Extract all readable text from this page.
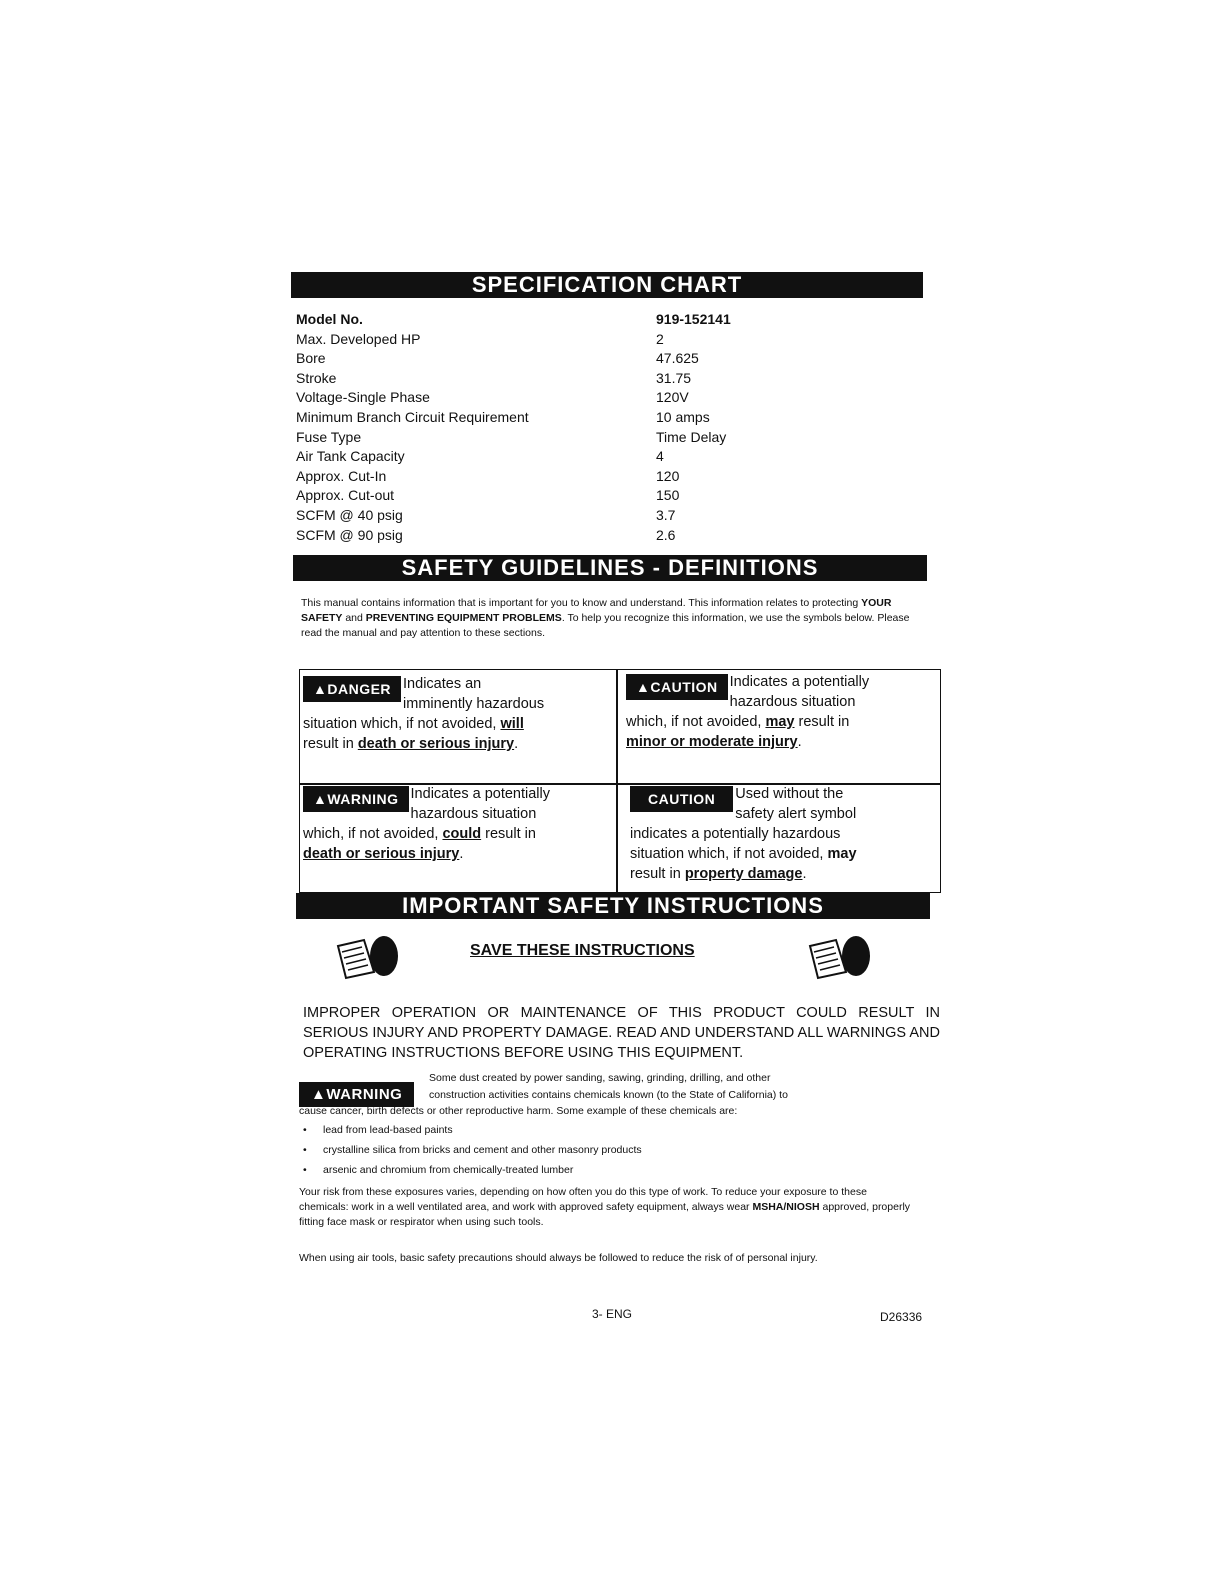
SPECIFICATION CHART
Model No.	919-152141
Max. Developed HP	2
Bore	47.625
Stroke	31.75
Voltage-Single Phase	120V
Minimum Branch Circuit Requirement	10 amps
Fuse Type	Time Delay
Air Tank Capacity	4
Approx. Cut-In	120
Approx. Cut-out	150
SCFM @ 40 psig	3.7
SCFM @ 90 psig	2.6
SAFETY GUIDELINES - DEFINITIONS
This manual contains information that is important for you to know and understand. This information relates to protecting YOUR SAFETY and PREVENTING EQUIPMENT PROBLEMS. To help you recognize this information, we use the symbols below. Please read the manual and pay attention to these sections.
▲DANGER Indicates an
imminently hazardous
situation which, if not avoided, will
result in death or serious injury.
▲CAUTION Indicates a potentially
hazardous situation
which, if not avoided, may result in
minor or moderate injury.
▲WARNING Indicates a potentially
hazardous situation
which, if not avoided, could result in
death or serious injury.
CAUTION	Used without the
safety alert symbol
indicates a potentially hazardous
situation which, if not avoided, may
result in property damage.
IMPORTANT SAFETY INSTRUCTIONS
SAVE THESE INSTRUCTIONS
IMPROPER OPERATION OR MAINTENANCE OF THIS PRODUCT COULD RESULT IN SERIOUS INJURY AND PROPERTY DAMAGE. READ AND UNDERSTAND ALL WARNINGS AND OPERATING INSTRUCTIONS BEFORE USING THIS EQUIPMENT.
▲WARNING
Some dust created by power sanding, sawing, grinding, drilling, and other
construction activities contains chemicals known (to the State of California) to
cause cancer, birth defects or other reproductive harm. Some example of these chemicals are:
• lead from lead-based paints
• crystalline silica from bricks and cement and other masonry products
• arsenic and chromium from chemically-treated lumber
Your risk from these exposures varies, depending on how often you do this type of work. To reduce your exposure to these chemicals: work in a well ventilated area, and work with approved safety equipment, always wear MSHA/NIOSH approved, properly fitting face mask or respirator when using such tools.
When using air tools, basic safety precautions should always be followed to reduce the risk of of personal injury.
3- ENG	D26336
